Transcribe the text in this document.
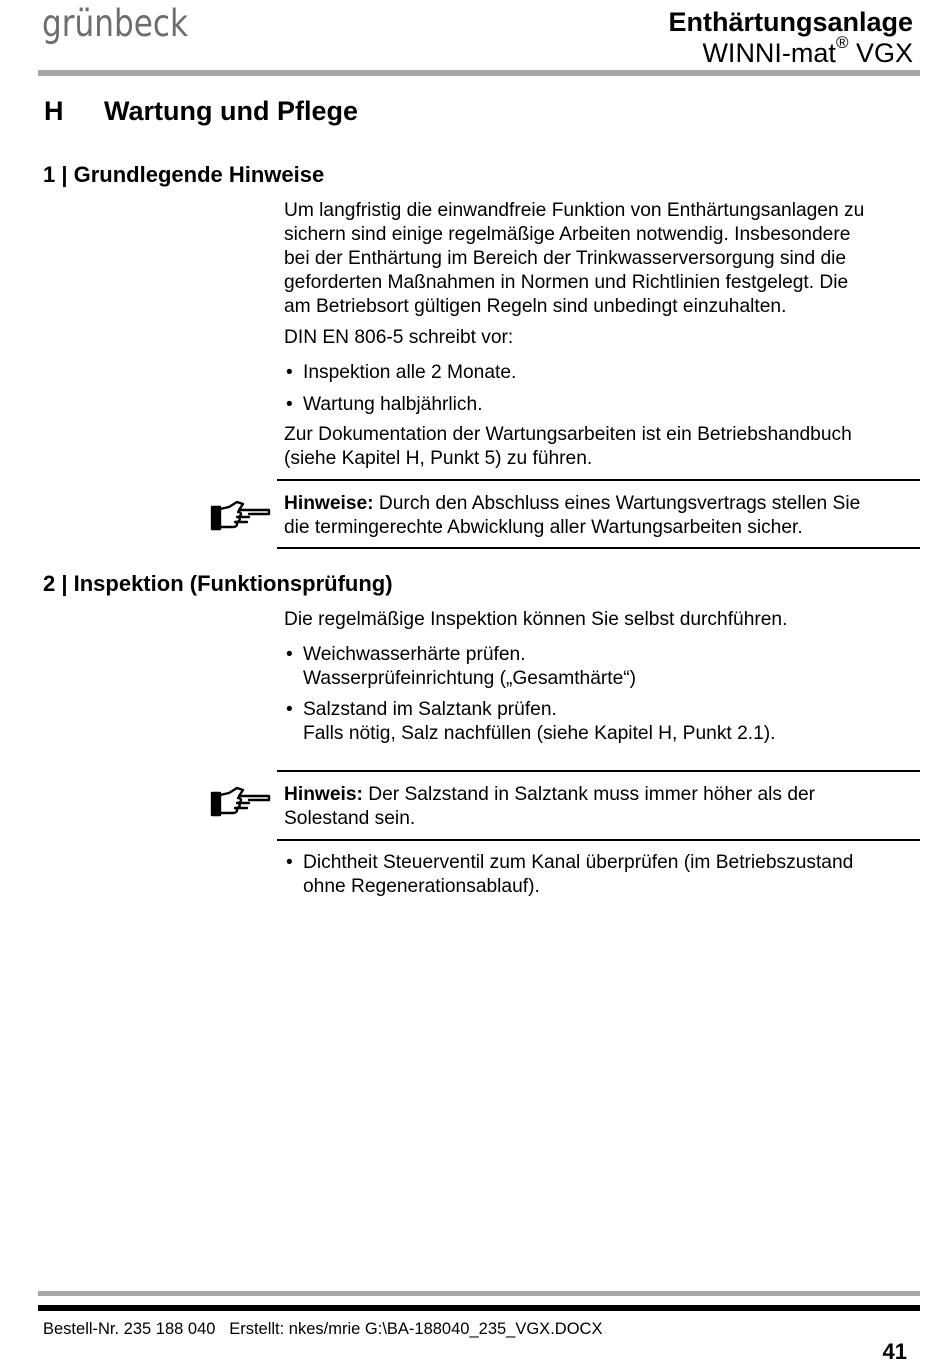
grünbeck	Enthärtungsanlage
WINNI-mat® VGX
H Wartung und Pflege
1 | Grundlegende Hinweise
Um langfristig die einwandfreie Funktion von Enthärtungsanlagen zu
sichern sind einige regelmäßige Arbeiten notwendig. Insbesondere
bei der Enthärtung im Bereich der Trinkwasserversorgung sind die
geforderten Maßnahmen in Normen und Richtlinien festgelegt. Die
am Betriebsort gültigen Regeln sind unbedingt einzuhalten.
DIN EN 806-5 schreibt vor:
• Inspektion alle 2 Monate.
• Wartung halbjährlich.
Zur Dokumentation der Wartungsarbeiten ist ein Betriebshandbuch
(siehe Kapitel H, Punkt 5) zu führen.
Hinweise: Durch den Abschluss eines Wartungsvertrags stellen Sie
die termingerechte Abwicklung aller Wartungsarbeiten sicher.
2 | Inspektion (Funktionsprüfung)
Die regelmäßige Inspektion können Sie selbst durchführen.
• Weichwasserhärte prüfen.
Wasserprüfeinrichtung („Gesamthärte“)
• Salzstand im Salztank prüfen.
Falls nötig, Salz nachfüllen (siehe Kapitel H, Punkt 2.1).
Hinweis: Der Salzstand in Salztank muss immer höher als der
Solestand sein.
• Dichtheit Steuerventil zum Kanal überprüfen (im Betriebszustand
ohne Regenerationsablauf).
Bestell-Nr. 235 188 040   Erstellt: nkes/mrie G:\BA-188040_235_VGX.DOCX
41
